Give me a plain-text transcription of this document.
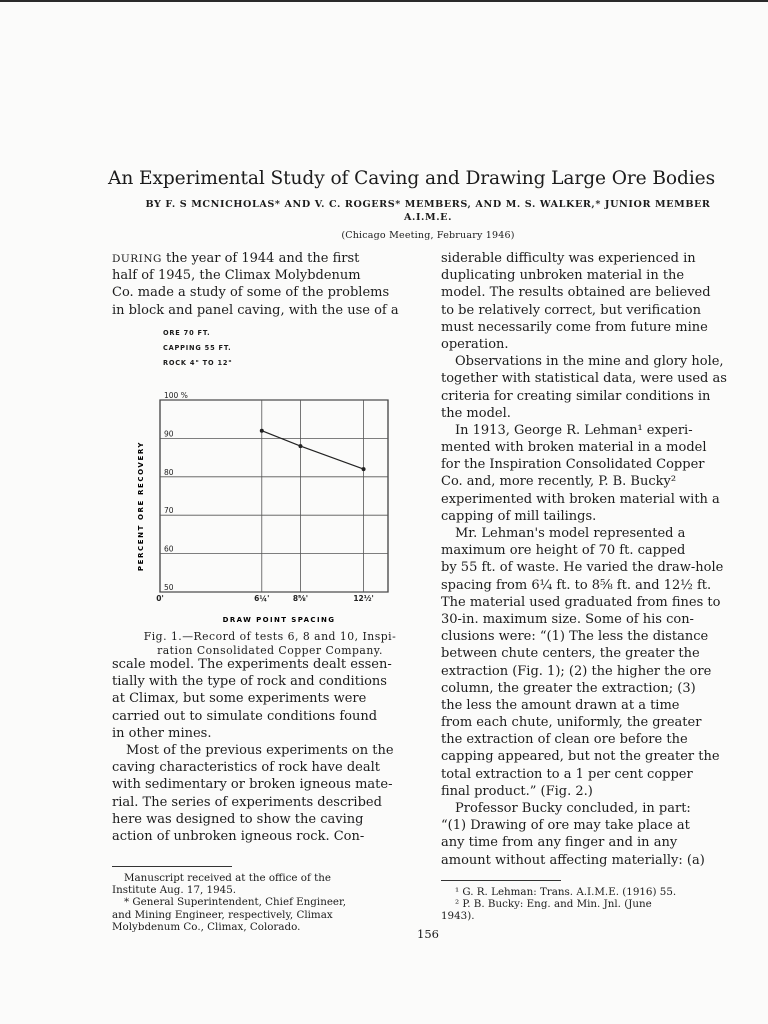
An Experimental Study of Caving and Drawing Large Ore Bodies
BY F. S MCNICHOLAS* AND V. C. ROGERS* MEMBERS, AND M. S. WALKER,* JUNIOR MEMBER
A.I.M.E.
(Chicago Meeting, February 1946)
DURING the year of 1944 and the first
half of 1945, the Climax Molybdenum
Co. made a study of some of the problems
in block and panel caving, with the use of a
ORE 70 FT.
CAPPING 55 FT.
ROCK 4" TO 12"
50
60
70
80
90
100 %
0'	6¼'	8⅝'	12½'
PERCENT ORE RECOVERY
DRAW POINT SPACING
Fig. 1.—Record of tests 6, 8 and 10, Inspi-
ration Consolidated Copper Company.
scale model. The experiments dealt essen-
tially with the type of rock and conditions
at Climax, but some experiments were
carried out to simulate conditions found
in other mines.
Most of the previous experiments on the
caving characteristics of rock have dealt
with sedimentary or broken igneous mate-
rial. The series of experiments described
here was designed to show the caving
action of unbroken igneous rock. Con-
siderable difficulty was experienced in
duplicating unbroken material in the
model. The results obtained are believed
to be relatively correct, but verification
must necessarily come from future mine
operation.
Observations in the mine and glory hole,
together with statistical data, were used as
criteria for creating similar conditions in
the model.
In 1913, George R. Lehman¹ experi-
mented with broken material in a model
for the Inspiration Consolidated Copper
Co. and, more recently, P. B. Bucky²
experimented with broken material with a
capping of mill tailings.
Mr. Lehman's model represented a
maximum ore height of 70 ft. capped
by 55 ft. of waste. He varied the draw-hole
spacing from 6¼ ft. to 8⅝ ft. and 12½ ft.
The material used graduated from fines to
30-in. maximum size. Some of his con-
clusions were: “(1) The less the distance
between chute centers, the greater the
extraction (Fig. 1); (2) the higher the ore
column, the greater the extraction; (3)
the less the amount drawn at a time
from each chute, uniformly, the greater
the extraction of clean ore before the
capping appeared, but not the greater the
total extraction to a 1 per cent copper
final product.” (Fig. 2.)
Professor Bucky concluded, in part:
“(1) Drawing of ore may take place at
any time from any finger and in any
amount without affecting materially: (a)
Manuscript received at the office of the
Institute Aug. 17, 1945.
* General Superintendent, Chief Engineer,
and Mining Engineer, respectively, Climax
Molybdenum Co., Climax, Colorado.
¹ G. R. Lehman: Trans. A.I.M.E. (1916) 55.
² P. B. Bucky: Eng. and Min. Jnl. (June
1943).
156
